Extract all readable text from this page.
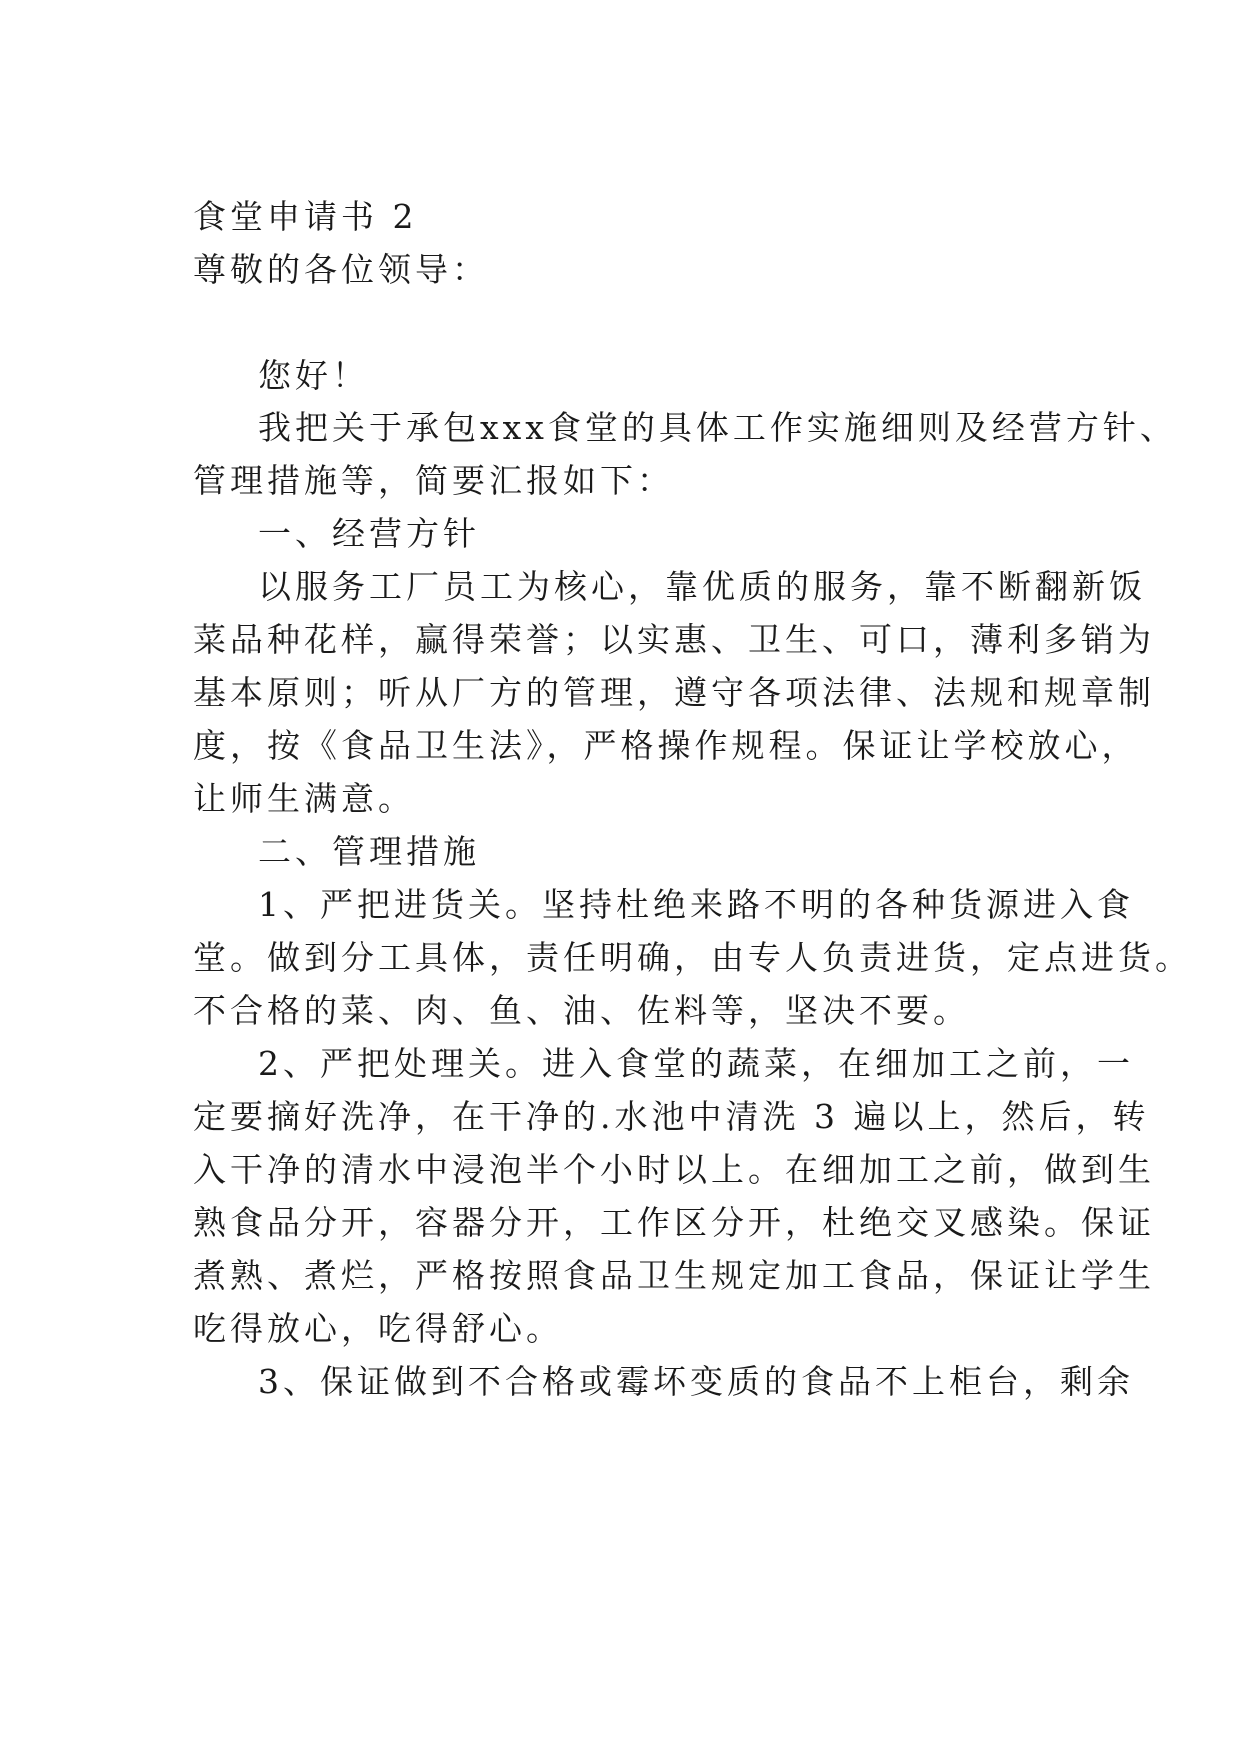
食堂申请书 2
尊敬的各位领导：
您好！
我把关于承包xxx食堂的具体工作实施细则及经营方针、
管理措施等，简要汇报如下：
一、经营方针
以服务工厂员工为核心，靠优质的服务，靠不断翻新饭
菜品种花样，赢得荣誉；以实惠、卫生、可口，薄利多销为
基本原则；听从厂方的管理，遵守各项法律、法规和规章制
度，按《食品卫生法》，严格操作规程。保证让学校放心，
让师生满意。
二、管理措施
1、严把进货关。坚持杜绝来路不明的各种货源进入食
堂。做到分工具体，责任明确，由专人负责进货，定点进货。
不合格的菜、肉、鱼、油、佐料等，坚决不要。
2、严把处理关。进入食堂的蔬菜，在细加工之前，一
定要摘好洗净，在干净的.水池中清洗 3 遍以上，然后，转
入干净的清水中浸泡半个小时以上。在细加工之前，做到生
熟食品分开，容器分开，工作区分开，杜绝交叉感染。保证
煮熟、煮烂，严格按照食品卫生规定加工食品，保证让学生
吃得放心，吃得舒心。
3、保证做到不合格或霉坏变质的食品不上柜台，剩余
